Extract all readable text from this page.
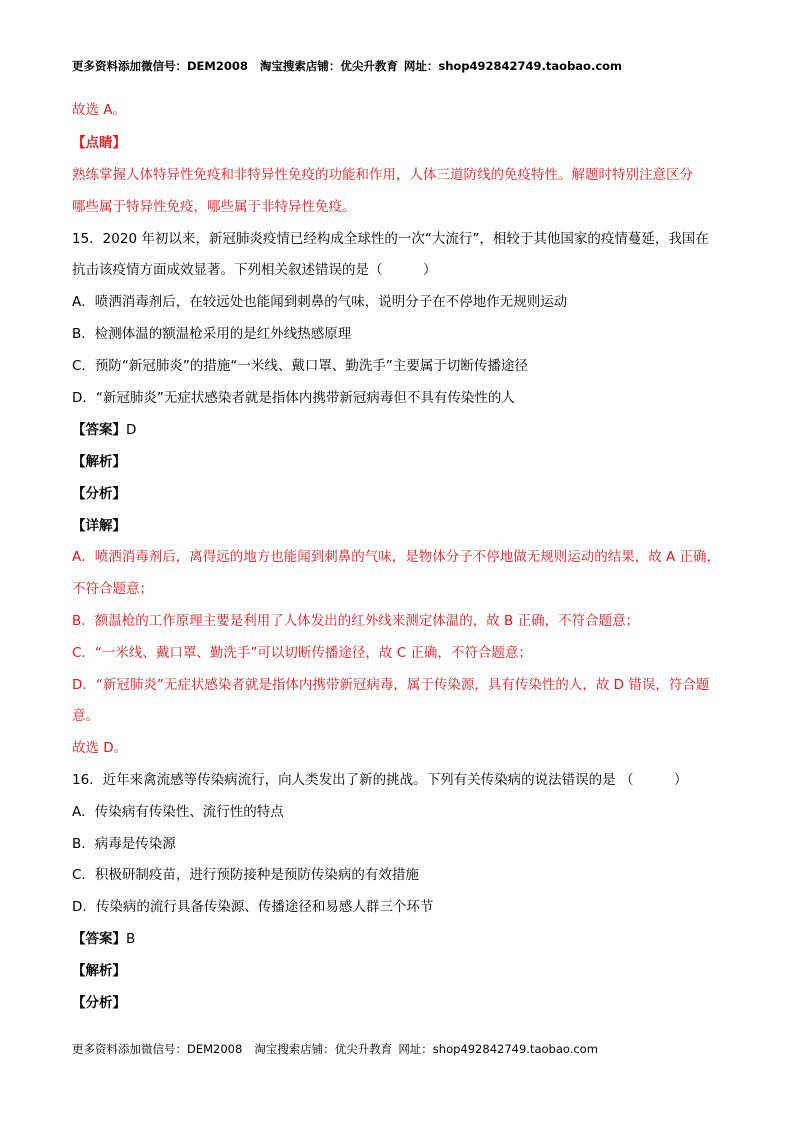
更多资料添加微信号：DEM2008 淘宝搜索店铺：优尖升教育 网址：shop492842749.taobao.com
故选 A。
【点睛】
熟练掌握人体特异性免疫和非特异性免疫的功能和作用，人体三道防线的免疫特性。解题时特别注意区分
哪些属于特异性免疫，哪些属于非特异性免疫。
15．2020 年初以来，新冠肺炎疫情已经构成全球性的一次“大流行”，相较于其他国家的疫情蔓延，我国在
抗击该疫情方面成效显著。下列相关叙述错误的是（　　　）
A．喷洒消毒剂后，在较远处也能闻到刺鼻的气味，说明分子在不停地作无规则运动
B．检测体温的额温枪采用的是红外线热感原理
C．预防“新冠肺炎”的措施“一米线、戴口罩、勤洗手”主要属于切断传播途径
D．“新冠肺炎”无症状感染者就是指体内携带新冠病毒但不具有传染性的人
【答案】D
【解析】
【分析】
【详解】
A．喷洒消毒剂后，离得远的地方也能闻到刺鼻的气味，是物体分子不停地做无规则运动的结果，故 A 正确，
不符合题意；
B．额温枪的工作原理主要是利用了人体发出的红外线来测定体温的，故 B 正确，不符合题意；
C．“一米线、戴口罩、勤洗手”可以切断传播途径，故 C 正确，不符合题意；
D．“新冠肺炎”无症状感染者就是指体内携带新冠病毒，属于传染源，具有传染性的人，故 D 错误，符合题
意。
故选 D。
16．近年来禽流感等传染病流行，向人类发出了新的挑战。下列有关传染病的说法错误的是 （　　　）
A．传染病有传染性、流行性的特点
B．病毒是传染源
C．积极研制疫苗，进行预防接种是预防传染病的有效措施
D．传染病的流行具备传染源、传播途径和易感人群三个环节
【答案】B
【解析】
【分析】
更多资料添加微信号：DEM2008 淘宝搜索店铺：优尖升教育 网址：shop492842749.taobao.com
